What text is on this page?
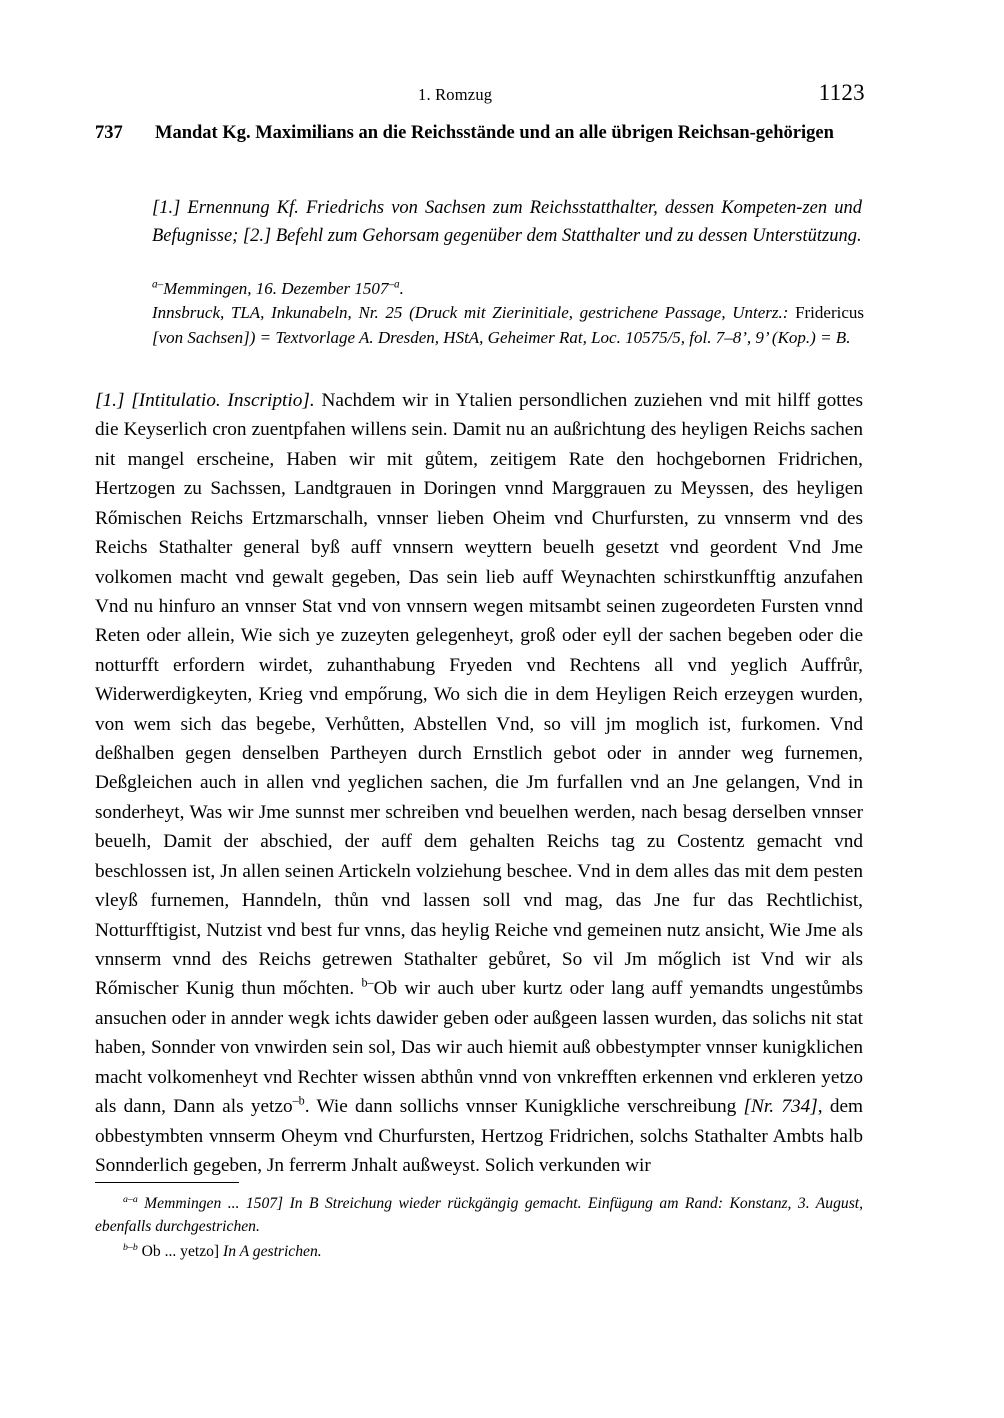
1. Romzug	1123
737	Mandat Kg. Maximilians an die Reichsstände und an alle übrigen Reichsan-gehörigen
[1.] Ernennung Kf. Friedrichs von Sachsen zum Reichsstatthalter, dessen Kompeten-zen und Befugnisse; [2.] Befehl zum Gehorsam gegenüber dem Statthalter und zu dessen Unterstützung.
$^{a-}$Memmingen, 16. Dezember $1507^{-a}$.
Innsbruck, TLA, Inkunabeln, Nr. 25 (Druck mit Zierinitiale, gestrichene Passage, Unterz.: Fridericus [von Sachsen]) = Textvorlage A. Dresden, HStA, Geheimer Rat, Loc. 10575/5, fol. 7–8’, 9’ (Kop.) = B.
[1.] [Intitulatio. Inscriptio]. Nachdem wir in Ytalien persondlichen zuziehen vnd mit hilff gottes die Keyserlich cron zuentpfahen willens sein. Damit nu an außrichtung des heyligen Reichs sachen nit mangel erscheine, Haben wir mit gůtem, zeitigem Rate den hochgebornen Fridrichen, Hertzogen zu Sachssen, Landtgrauen in Doringen vnnd Marggrauen zu Meyssen, des heyligen Rőmischen Reichs Ertzmarschalh, vnnser lieben Oheim vnd Churfursten, zu vnnserm vnd des Reichs Stathalter general byß auff vnnsern weyttern beuelh gesetzt vnd geordent Vnd Jme volkomen macht vnd gewalt gegeben, Das sein lieb auff Weynachten schirstkunfftig anzufahen Vnd nu hinfuro an vnnser Stat vnd von vnnsern wegen mitsambt seinen zugeordeten Fursten vnnd Reten oder allein, Wie sich ye zuzeyten gelegenheyt, groß oder eyll der sachen begeben oder die notturfft erfordern wirdet, zuhanthabung Fryeden vnd Rechtens all vnd yeglich Auffrůr, Widerwerdigkeyten, Krieg vnd empőrung, Wo sich die in dem Heyligen Reich erzeygen wurden, von wem sich das begebe, Verhůtten, Abstellen Vnd, so vill jm moglich ist, furkomen. Vnd deßhalben gegen denselben Partheyen durch Ernstlich gebot oder in annder weg furnemen, Deßgleichen auch in allen vnd yeglichen sachen, die Jm furfallen vnd an Jne gelangen, Vnd in sonderheyt, Was wir Jme sunnst mer schreiben vnd beuelhen werden, nach besag derselben vnnser beuelh, Damit der abschied, der auff dem gehalten Reichs tag zu Costentz gemacht vnd beschlossen ist, Jn allen seinen Artickeln volziehung beschee. Vnd in dem alles das mit dem pesten vleyß furnemen, Hanndeln, thůn vnd lassen soll vnd mag, das Jne fur das Rechtlichist, Notturfftigist, Nutzist vnd best fur vnns, das heylig Reiche vnd gemeinen nutz ansicht, Wie Jme als vnnserm vnnd des Reichs getrewen Stathalter gebůret, So vil Jm mőglich ist Vnd wir als Rőmischer Kunig thun mőchten. $^{b-}$Ob wir auch uber kurtz oder lang auff yemandts ungestůmbs ansuchen oder in annder wegk ichts dawider geben oder außgeen lassen wurden, das solichs nit stat haben, Sonnder von vnwirden sein sol, Das wir auch hiemit auß obbestympter vnnser kunigklichen macht volkomenheyt vnd Rechter wissen abthůn vnnd von vnkrefften erkennen vnd erkleren yetzo als dann, Dann als yetzo$^{-b}$. Wie dann sollichs vnnser Kunigkliche verschreibung [Nr. 734], dem obbestymbten vnnserm Oheym vnd Churfursten, Hertzog Fridrichen, solchs Stathalter Ambts halb Sonnderlich gegeben, Jn ferrerm Jnhalt außweyst. Solich verkunden wir

$^{a-a}$ Memmingen ... 1507] In B Streichung wieder rückgängig gemacht. Einfügung am Rand: Konstanz, 3. August, ebenfalls durchgestrichen.

$^{b-b}$ Ob ... yetzo] In A gestrichen.
